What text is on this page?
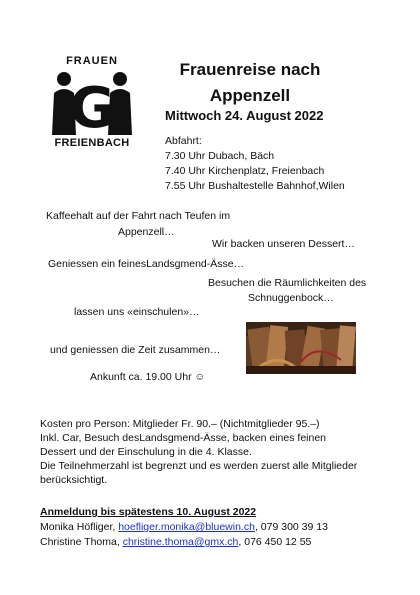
FRAUEN
G
FREIENBACH
Frauenreise nach
Appenzell
Mittwoch 24. August 2022
Abfahrt:
7.30 Uhr Dubach, Bäch
7.40 Uhr Kirchenplatz, Freienbach
7.55 Uhr Bushaltestelle Bahnhof,Wilen
Kaffeehalt auf der Fahrt nach Teufen im
Appenzell…
Wir backen unseren Dessert…
Geniessen ein feinesLandsgmend-Ässe…
Besuchen die Räumlichkeiten des
Schnuggenbock…
lassen uns «einschulen»…
und geniessen die Zeit zusammen…
Ankunft ca. 19.00 Uhr ☺
Kosten pro Person: Mitglieder Fr. 90.– (Nichtmitglieder 95.–)
Inkl. Car, Besuch desLandsgmend-Ässe, backen eines feinen
Dessert und der Einschulung in die 4. Klasse.
Die Teilnehmerzahl ist begrenzt und es werden zuerst alle Mitglieder
berücksichtigt.
Anmeldung bis spätestens 10. August 2022
Monika Höfliger, hoefliger.monika@bluewin.ch, 079 300 39 13
Christine Thoma, christine.thoma@gmx.ch, 076 450 12 55
